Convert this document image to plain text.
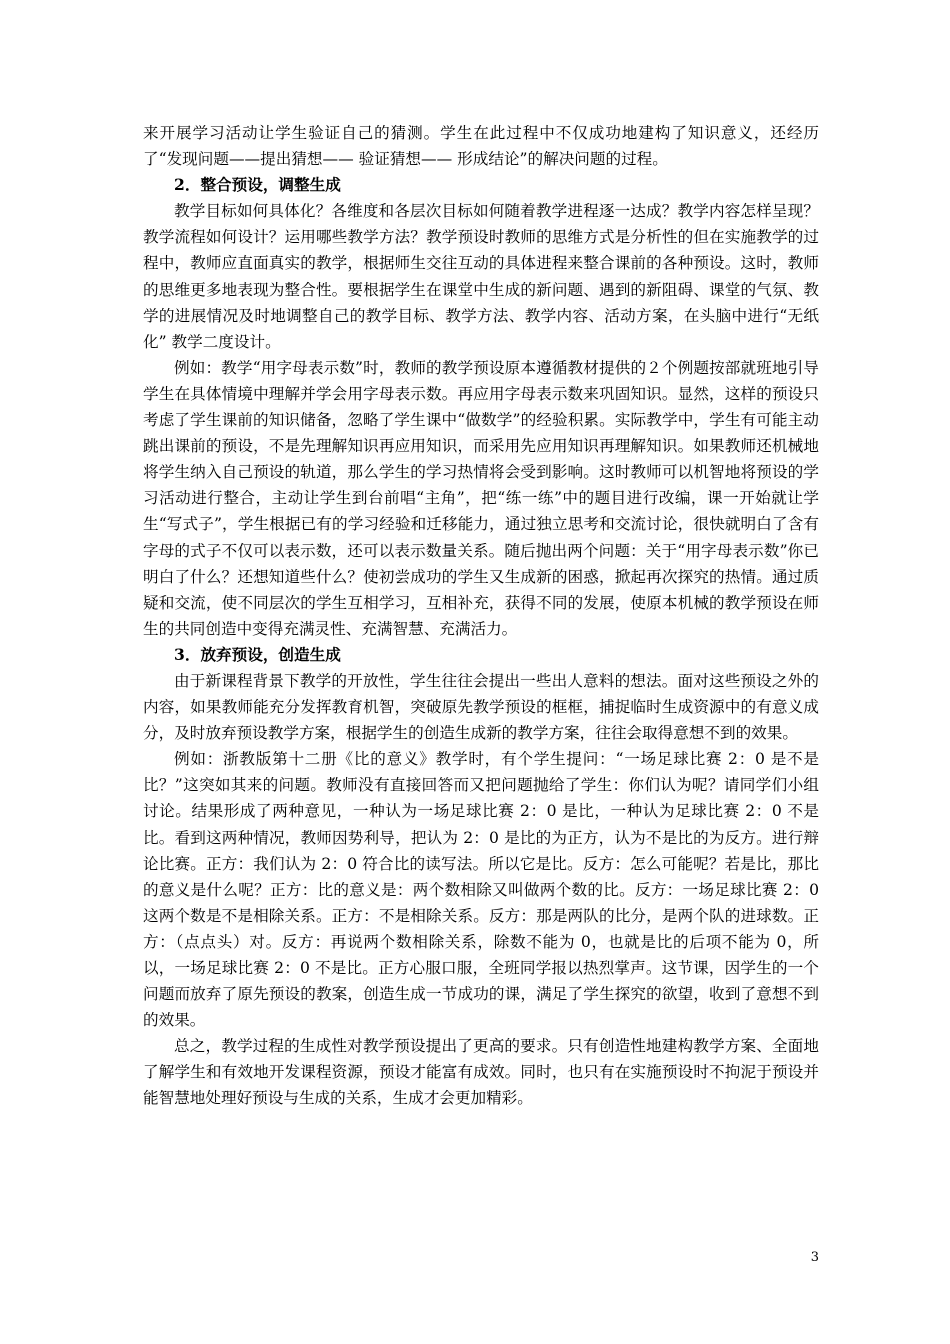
来开展学习活动让学生验证自己的猜测。学生在此过程中不仅成功地建构了知识意义，还经历了“发现问题——提出猜想—— 验证猜想—— 形成结论”的解决问题的过程。

2．整合预设，调整生成

教学目标如何具体化？各维度和各层次目标如何随着教学进程逐一达成？教学内容怎样呈现？教学流程如何设计？运用哪些教学方法？教学预设时教师的思维方式是分析性的但在实施教学的过程中，教师应直面真实的教学，根据师生交往互动的具体进程来整合课前的各种预设。这时，教师的思维更多地表现为整合性。要根据学生在课堂中生成的新问题、遇到的新阻碍、课堂的气氛、教学的进展情况及时地调整自己的教学目标、教学方法、教学内容、活动方案，在头脑中进行“无纸化” 教学二度设计。

例如：教学“用字母表示数”时，教师的教学预设原本遵循教材提供的２个例题按部就班地引导学生在具体情境中理解并学会用字母表示数。再应用字母表示数来巩固知识。显然，这样的预设只考虑了学生课前的知识储备，忽略了学生课中“做数学”的经验积累。实际教学中，学生有可能主动跳出课前的预设，不是先理解知识再应用知识，而采用先应用知识再理解知识。如果教师还机械地将学生纳入自己预设的轨道，那么学生的学习热情将会受到影响。这时教师可以机智地将预设的学习活动进行整合，主动让学生到台前唱“主角”，把“练一练”中的题目进行改编，课一开始就让学生“写式子”，学生根据已有的学习经验和迁移能力，通过独立思考和交流讨论，很快就明白了含有字母的式子不仅可以表示数，还可以表示数量关系。随后抛出两个问题：关于“用字母表示数”你已明白了什么？还想知道些什么？使初尝成功的学生又生成新的困惑，掀起再次探究的热情。通过质疑和交流，使不同层次的学生互相学习，互相补充，获得不同的发展，使原本机械的教学预设在师生的共同创造中变得充满灵性、充满智慧、充满活力。

3．放弃预设，创造生成

由于新课程背景下教学的开放性，学生往往会提出一些出人意料的想法。面对这些预设之外的内容，如果教师能充分发挥教育机智，突破原先教学预设的框框，捕捉临时生成资源中的有意义成分，及时放弃预设教学方案，根据学生的创造生成新的教学方案，往往会取得意想不到的效果。

例如：浙教版第十二册《比的意义》教学时，有个学生提问：“一场足球比赛 2：0 是不是比？”这突如其来的问题。教师没有直接回答而又把问题抛给了学生：你们认为呢？请同学们小组讨论。结果形成了两种意见，一种认为一场足球比赛 2：0 是比，一种认为足球比赛 2：0 不是比。看到这两种情况，教师因势利导，把认为 2：0 是比的为正方，认为不是比的为反方。进行辩论比赛。正方：我们认为 2：0 符合比的读写法。所以它是比。反方：怎么可能呢？若是比，那比的意义是什么呢？正方：比的意义是：两个数相除又叫做两个数的比。反方：一场足球比赛 2：0 这两个数是不是相除关系。正方：不是相除关系。反方：那是两队的比分，是两个队的进球数。正方：（点点头）对。反方：再说两个数相除关系，除数不能为 0，也就是比的后项不能为 0，所以，一场足球比赛 2：0 不是比。正方心服口服，全班同学报以热烈掌声。这节课，因学生的一个问题而放弃了原先预设的教案，创造生成一节成功的课，满足了学生探究的欲望，收到了意想不到的效果。

总之，教学过程的生成性对教学预设提出了更高的要求。只有创造性地建构教学方案、全面地了解学生和有效地开发课程资源，预设才能富有成效。同时，也只有在实施预设时不拘泥于预设并能智慧地处理好预设与生成的关系，生成才会更加精彩。

3
